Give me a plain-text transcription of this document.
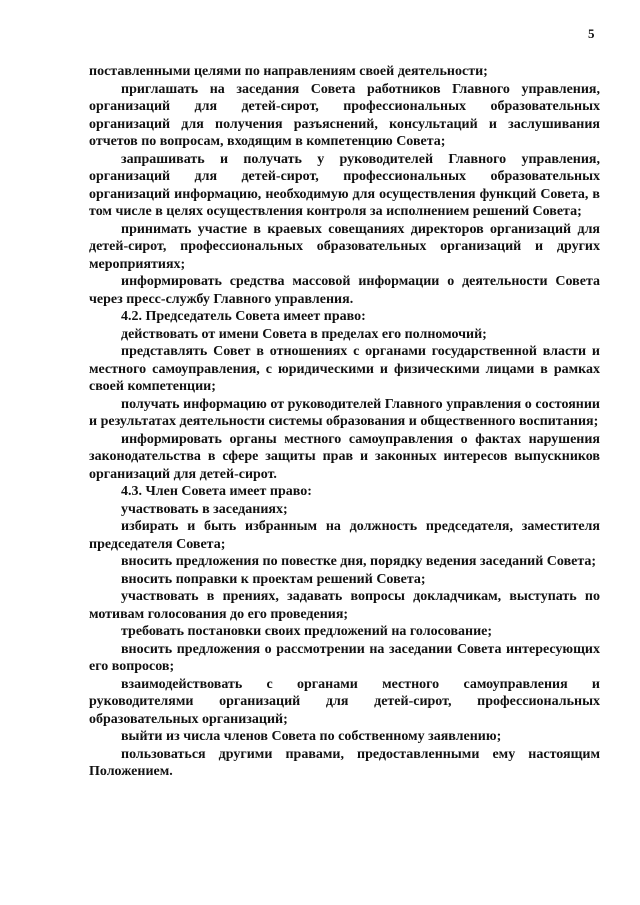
5

поставленными целями по направлениям своей деятельности;

приглашать на заседания Совета работников Главного управления, организаций для детей-сирот, профессиональных образовательных организаций для получения разъяснений, консультаций и заслушивания отчетов по вопросам, входящим в компетенцию Совета;

запрашивать и получать у руководителей Главного управления, организаций для детей-сирот, профессиональных образовательных организаций информацию, необходимую для осуществления функций Совета, в том числе в целях осуществления контроля за исполнением решений Совета;

принимать участие в краевых совещаниях директоров организаций для детей-сирот, профессиональных образовательных организаций и других мероприятиях;

информировать средства массовой информации о деятельности Совета через пресс-службу Главного управления.

4.2. Председатель Совета имеет право:

действовать от имени Совета в пределах его полномочий;

представлять Совет в отношениях с органами государственной власти и местного самоуправления, с юридическими и физическими лицами в рамках своей компетенции;

получать информацию от руководителей Главного управления о состоянии и результатах деятельности системы образования и общественного воспитания;

информировать органы местного самоуправления о фактах нарушения законодательства в сфере защиты прав и законных интересов выпускников организаций для детей-сирот.

4.3. Член Совета имеет право:

участвовать в заседаниях;

избирать и быть избранным на должность председателя, заместителя председателя Совета;

вносить предложения по повестке дня, порядку ведения заседаний Совета;

вносить поправки к проектам решений Совета;

участвовать в прениях, задавать вопросы докладчикам, выступать по мотивам голосования до его проведения;

требовать постановки своих предложений на голосование;

вносить предложения о рассмотрении на заседании Совета интересующих его вопросов;

взаимодействовать с органами местного самоуправления и руководителями организаций для детей-сирот, профессиональных образовательных организаций;

выйти из числа членов Совета по собственному заявлению;

пользоваться другими правами, предоставленными ему настоящим Положением.
